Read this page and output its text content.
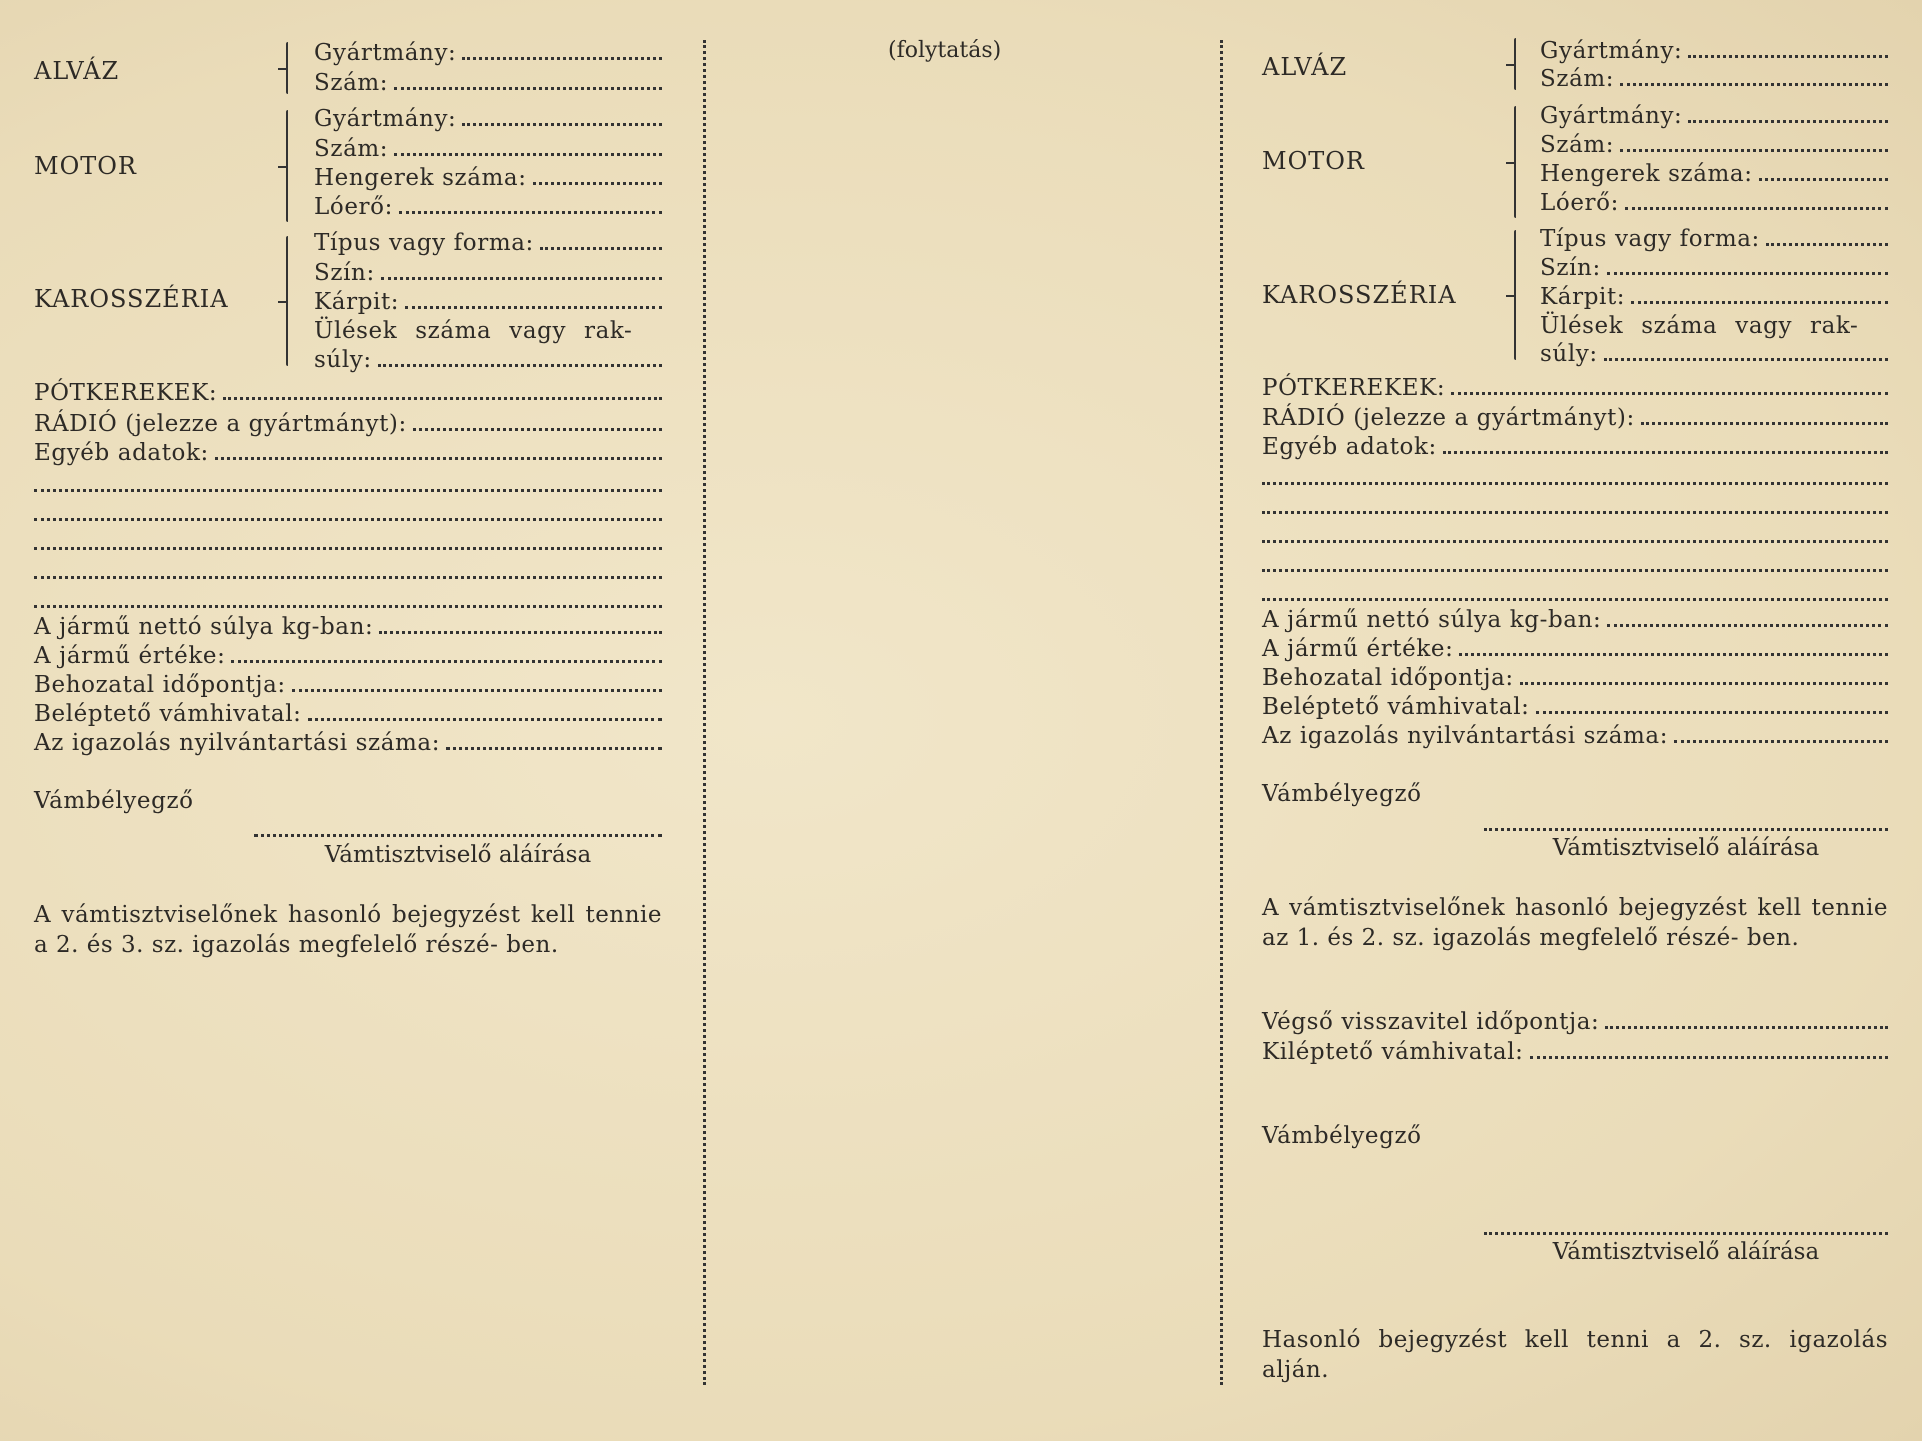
(folytatás)
ALVÁZ
Gyártmány:
Szám:
MOTOR
Gyártmány:
Szám:
Hengerek száma:
Lóerő:
KAROSSZÉRIA
Típus vagy forma:
Szín:
Kárpit:
Ülések száma vagy rak-
súly:
PÓTKEREKEK:
RÁDIÓ (jelezze a gyártmányt):
Egyéb adatok:
A jármű nettó súlya kg-ban:
A jármű értéke:
Behozatal időpontja:
Beléptető vámhivatal:
Az igazolás nyilvántartási száma:
Vámbélyegző
Vámtisztviselő aláírása
A vámtisztviselőnek hasonló bejegyzést kell tennie a 2. és 3. sz. igazolás megfelelő részé- ben.
ALVÁZ
Gyártmány:
Szám:
MOTOR
Gyártmány:
Szám:
Hengerek száma:
Lóerő:
KAROSSZÉRIA
Típus vagy forma:
Szín:
Kárpit:
Ülések száma vagy rak-
súly:
PÓTKEREKEK:
RÁDIÓ (jelezze a gyártmányt):
Egyéb adatok:
A jármű nettó súlya kg-ban:
A jármű értéke:
Behozatal időpontja:
Beléptető vámhivatal:
Az igazolás nyilvántartási száma:
Vámbélyegző
Vámtisztviselő aláírása
A vámtisztviselőnek hasonló bejegyzést kell tennie az 1. és 2. sz. igazolás megfelelő részé- ben.
Végső visszavitel időpontja:
Kiléptető vámhivatal:
Vámbélyegző
Vámtisztviselő aláírása
Hasonló bejegyzést kell tenni a 2. sz. igazolás alján.
